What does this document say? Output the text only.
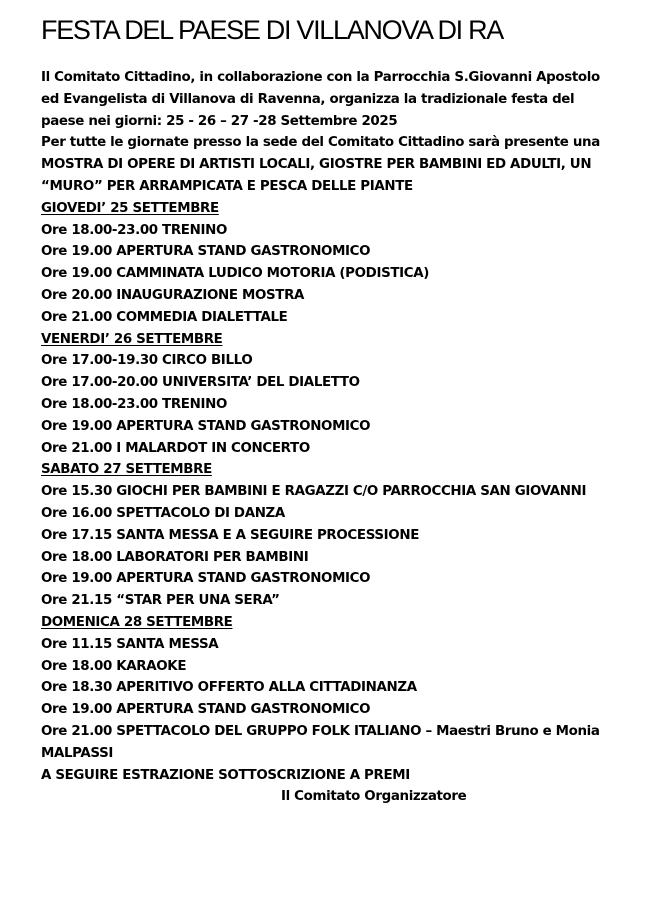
FESTA DEL PAESE DI VILLANOVA DI RA
Il Comitato Cittadino, in collaborazione con la Parrocchia S.Giovanni Apostolo
ed Evangelista di Villanova di Ravenna, organizza la tradizionale festa del
paese nei giorni: 25 - 26 – 27 -28 Settembre 2025
Per tutte le giornate presso la sede del Comitato Cittadino sarà presente una
MOSTRA DI OPERE DI ARTISTI LOCALI, GIOSTRE PER BAMBINI ED ADULTI, UN
“MURO” PER ARRAMPICATA E PESCA DELLE PIANTE
GIOVEDI’ 25 SETTEMBRE
Ore 18.00-23.00 TRENINO
Ore 19.00 APERTURA STAND GASTRONOMICO
Ore 19.00 CAMMINATA LUDICO MOTORIA (PODISTICA)
Ore 20.00 INAUGURAZIONE MOSTRA
Ore 21.00 COMMEDIA DIALETTALE
VENERDI’ 26 SETTEMBRE
Ore 17.00-19.30 CIRCO BILLO
Ore 17.00-20.00 UNIVERSITA’ DEL DIALETTO
Ore 18.00-23.00 TRENINO
Ore 19.00 APERTURA STAND GASTRONOMICO
Ore 21.00 I MALARDOT IN CONCERTO
SABATO 27 SETTEMBRE
Ore 15.30 GIOCHI PER BAMBINI E RAGAZZI C/O PARROCCHIA SAN GIOVANNI
Ore 16.00 SPETTACOLO DI DANZA
Ore 17.15 SANTA MESSA E A SEGUIRE PROCESSIONE
Ore 18.00 LABORATORI PER BAMBINI
Ore 19.00 APERTURA STAND GASTRONOMICO
Ore 21.15 “STAR PER UNA SERA”
DOMENICA 28 SETTEMBRE
Ore 11.15 SANTA MESSA
Ore 18.00 KARAOKE
Ore 18.30 APERITIVO OFFERTO ALLA CITTADINANZA
Ore 19.00 APERTURA STAND GASTRONOMICO
Ore 21.00 SPETTACOLO DEL GRUPPO FOLK ITALIANO – Maestri Bruno e Monia
MALPASSI
A SEGUIRE ESTRAZIONE SOTTOSCRIZIONE A PREMI
Il Comitato Organizzatore
